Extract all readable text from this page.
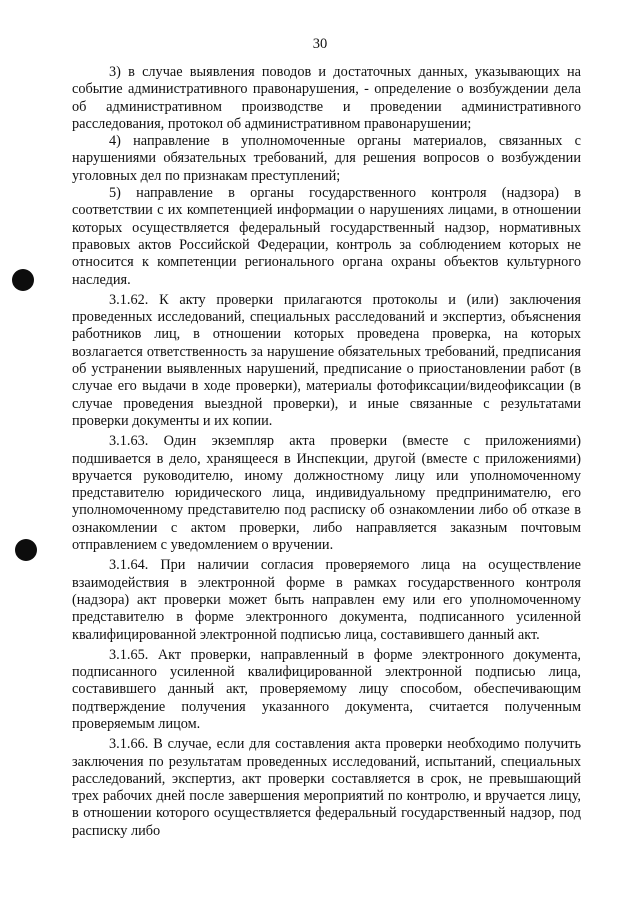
30

3) в случае выявления поводов и достаточных данных, указывающих на событие административного правонарушения, - определение о возбуждении дела об административном производстве и проведении административного расследования, протокол об административном правонарушении;

4) направление в уполномоченные органы материалов, связанных с нарушениями обязательных требований, для решения вопросов о возбуждении уголовных дел по признакам преступлений;

5) направление в органы государственного контроля (надзора) в соответствии с их компетенцией информации о нарушениях лицами, в отношении которых осуществляется федеральный государственный надзор, нормативных правовых актов Российской Федерации, контроль за соблюдением которых не относится к компетенции регионального органа охраны объектов культурного наследия.

3.1.62. К акту проверки прилагаются протоколы и (или) заключения проведенных исследований, специальных расследований и экспертиз, объяснения работников лиц, в отношении которых проведена проверка, на которых возлагается ответственность за нарушение обязательных требований, предписания об устранении выявленных нарушений, предписание о приостановлении работ (в случае его выдачи в ходе проверки), материалы фотофиксации/видеофиксации (в случае проведения выездной проверки), и иные связанные с результатами проверки документы и их копии.

3.1.63. Один экземпляр акта проверки (вместе с приложениями) подшивается в дело, хранящееся в Инспекции, другой (вместе с приложениями) вручается руководителю, иному должностному лицу или уполномоченному представителю юридического лица, индивидуальному предпринимателю, его уполномоченному представителю под расписку об ознакомлении либо об отказе в ознакомлении с актом проверки, либо направляется заказным почтовым отправлением с уведомлением о вручении.

3.1.64. При наличии согласия проверяемого лица на осуществление взаимодействия в электронной форме в рамках государственного контроля (надзора) акт проверки может быть направлен ему или его уполномоченному представителю в форме электронного документа, подписанного усиленной квалифицированной электронной подписью лица, составившего данный акт.

3.1.65. Акт проверки, направленный в форме электронного документа, подписанного усиленной квалифицированной электронной подписью лица, составившего данный акт, проверяемому лицу способом, обеспечивающим подтверждение получения указанного документа, считается полученным проверяемым лицом.

3.1.66. В случае, если для составления акта проверки необходимо получить заключения по результатам проведенных исследований, испытаний, специальных расследований, экспертиз, акт проверки составляется в срок, не превышающий трех рабочих дней после завершения мероприятий по контролю, и вручается лицу, в отношении которого осуществляется федеральный государственный надзор, под расписку либо
